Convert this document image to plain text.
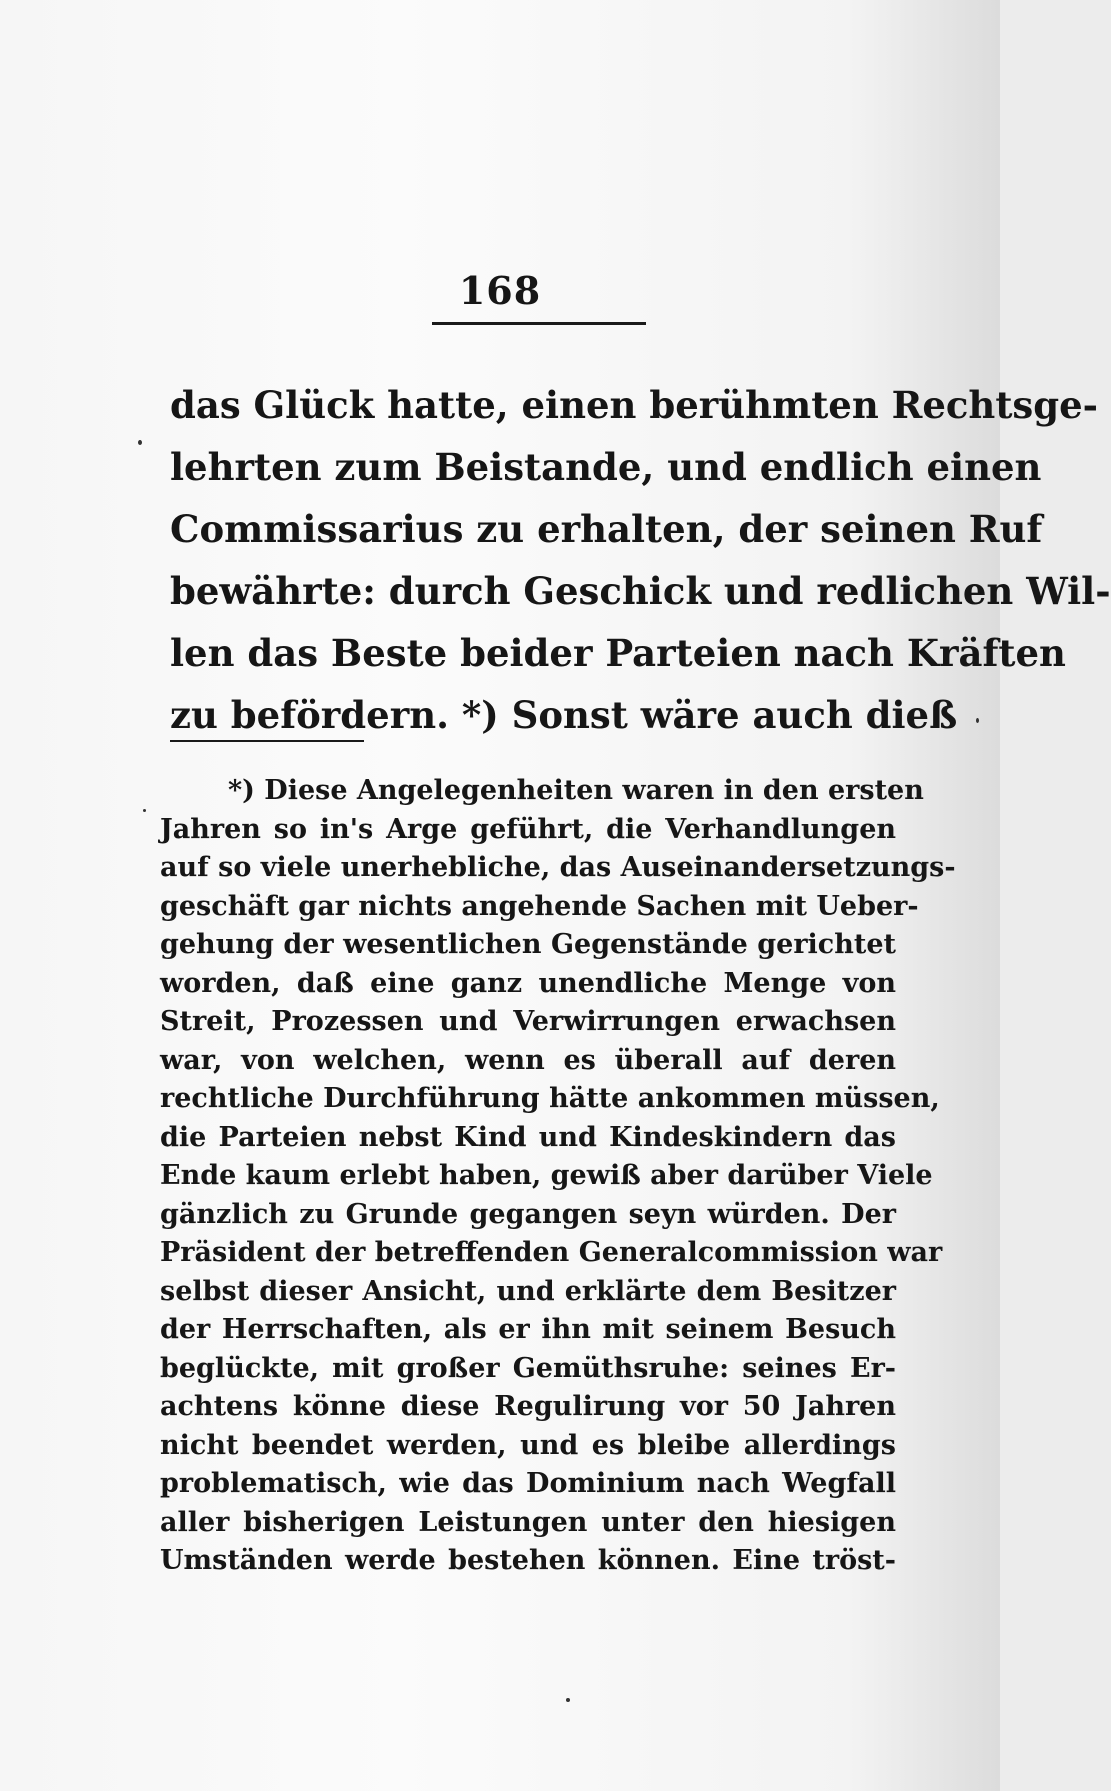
168
das Glück hatte, einen berühmten Rechtsge-
lehrten zum Beistande, und endlich einen
Commissarius zu erhalten, der seinen Ruf
bewährte: durch Geschick und redlichen Wil-
len das Beste beider Parteien nach Kräften
zu befördern. *) Sonst wäre auch dieß
*) Diese Angelegenheiten waren in den ersten
Jahren so in's Arge geführt, die Verhandlungen
auf so viele unerhebliche, das Auseinandersetzungs-
geschäft gar nichts angehende Sachen mit Ueber-
gehung der wesentlichen Gegenstände gerichtet
worden, daß eine ganz unendliche Menge von
Streit, Prozessen und Verwirrungen erwachsen
war, von welchen, wenn es überall auf deren
rechtliche Durchführung hätte ankommen müssen,
die Parteien nebst Kind und Kindeskindern das
Ende kaum erlebt haben, gewiß aber darüber Viele
gänzlich zu Grunde gegangen seyn würden. Der
Präsident der betreffenden Generalcommission war
selbst dieser Ansicht, und erklärte dem Besitzer
der Herrschaften, als er ihn mit seinem Besuch
beglückte, mit großer Gemüthsruhe: seines Er-
achtens könne diese Regulirung vor 50 Jahren
nicht beendet werden, und es bleibe allerdings
problematisch, wie das Dominium nach Wegfall
aller bisherigen Leistungen unter den hiesigen
Umständen werde bestehen können. Eine tröst-
